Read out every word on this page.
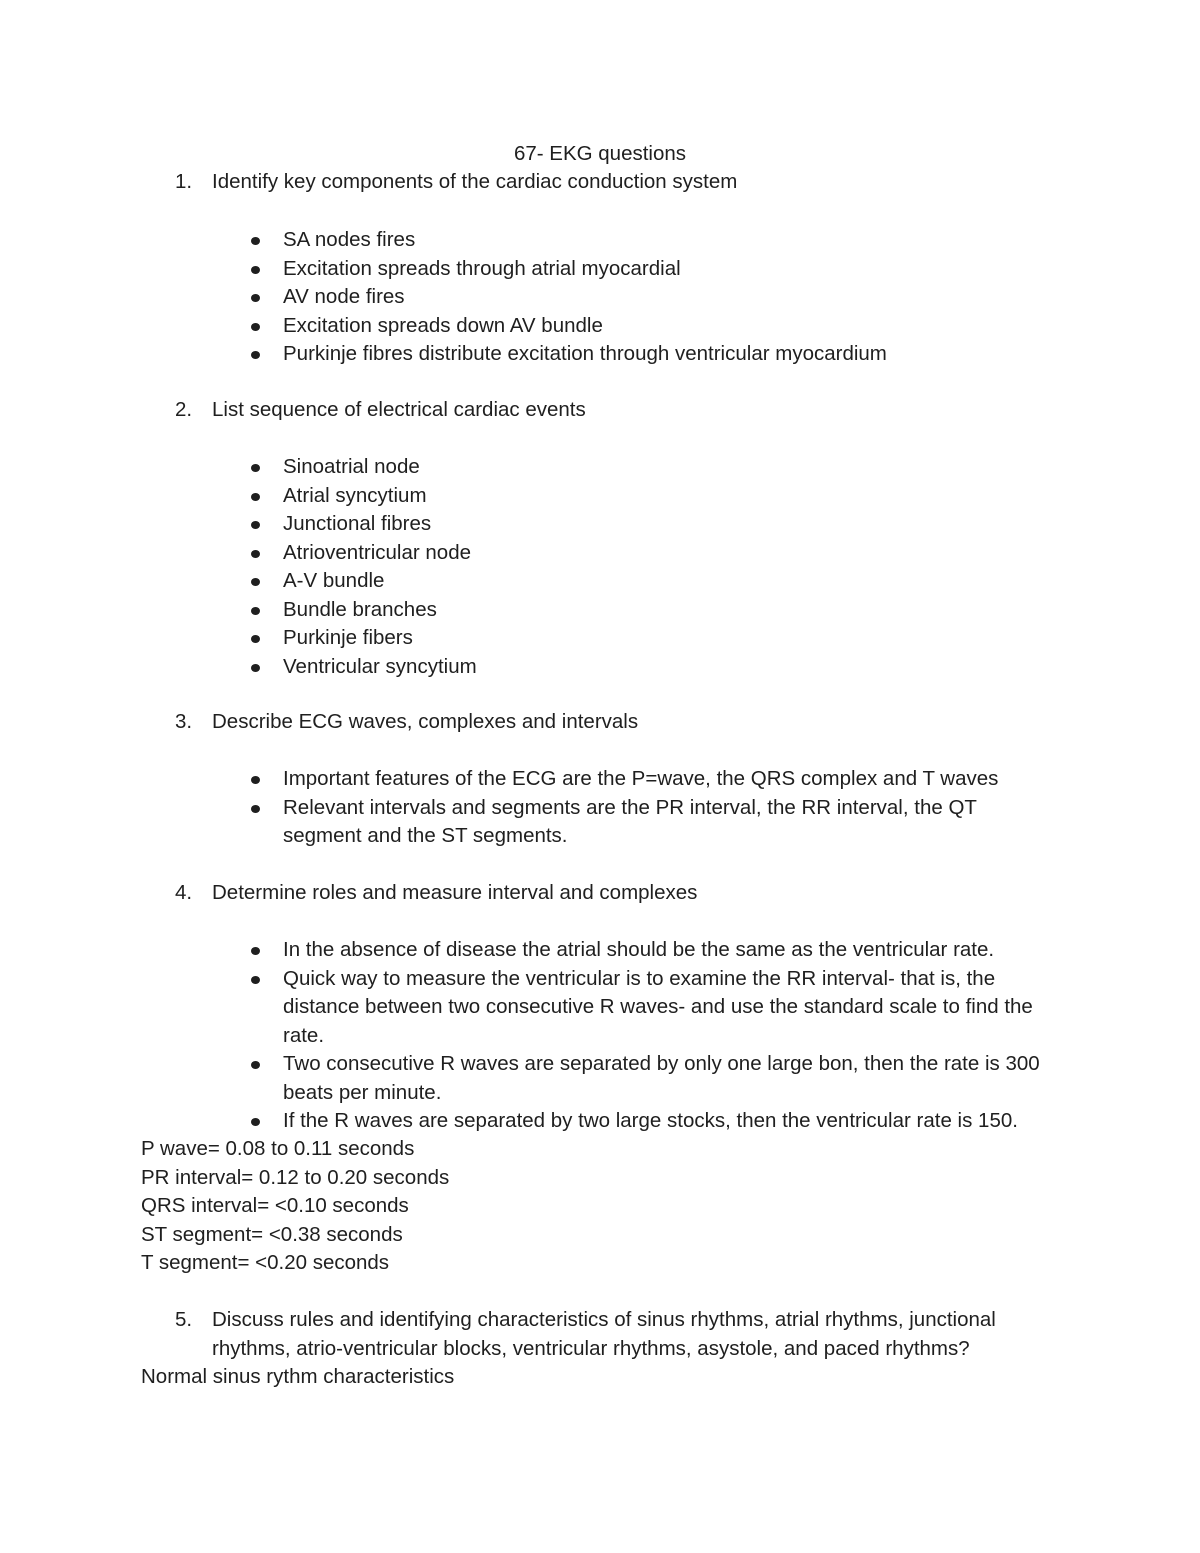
67- EKG questions
1. Identify key components of the cardiac conduction system
SA nodes fires
Excitation spreads through atrial myocardial
AV node fires
Excitation spreads down AV bundle
Purkinje fibres distribute excitation through ventricular myocardium
2. List sequence of electrical cardiac events
Sinoatrial node
Atrial syncytium
Junctional fibres
Atrioventricular node
A-V bundle
Bundle branches
Purkinje fibers
Ventricular syncytium
3. Describe ECG waves, complexes and intervals
Important features of the ECG are the P=wave, the QRS complex and T waves
Relevant intervals and segments are the PR interval, the RR interval, the QT segment and the ST segments.
4. Determine roles and measure interval and complexes
In the absence of disease the atrial should be the same as the ventricular rate.
Quick way to measure the ventricular is to examine the RR interval- that is, the distance between two consecutive R waves- and use the standard scale to find the rate.
Two consecutive R waves are separated by only one large bon, then the rate is 300 beats per minute.
If the R waves are separated by two large stocks, then the ventricular rate is 150.
P wave= 0.08 to 0.11 seconds
PR interval= 0.12 to 0.20 seconds
QRS interval= <0.10 seconds
ST segment= <0.38 seconds
T segment= <0.20 seconds
5. Discuss rules and identifying characteristics of sinus rhythms, atrial rhythms, junctional rhythms, atrio-ventricular blocks, ventricular rhythms, asystole, and paced rhythms?
Normal sinus rythm characteristics
